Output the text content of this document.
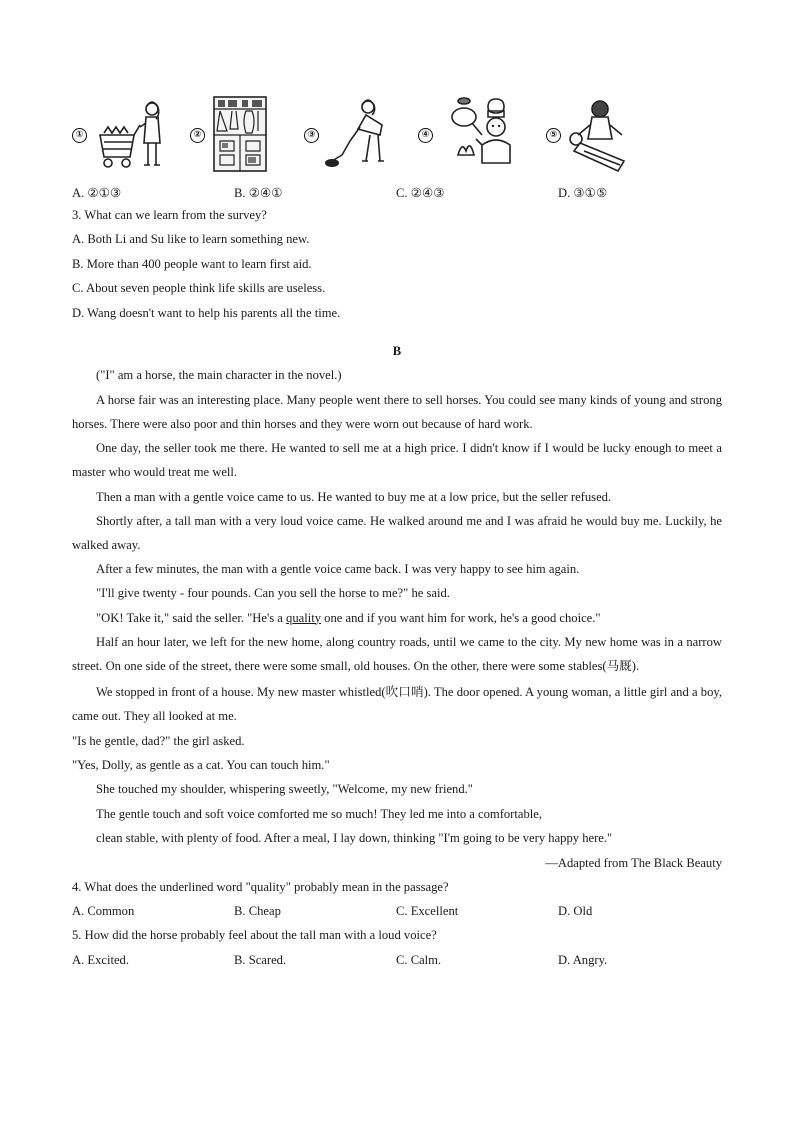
①	②	③	④	⑤
A. ②①③	B. ②④①	C. ②④③	D. ③①⑤
3. What can we learn from the survey?
A. Both Li and Su like to learn something new.
B. More than 400 people want to learn first aid.
C. About seven people think life skills are useless.
D. Wang doesn't want to help his parents all the time.
B
("I" am a horse, the main character in the novel.)
A horse fair was an interesting place. Many people went there to sell horses. You could see many kinds of young and strong horses. There were also poor and thin horses and they were worn out because of hard work.
One day, the seller took me there. He wanted to sell me at a high price. I didn't know if I would be lucky enough to meet a master who would treat me well.
Then a man with a gentle voice came to us. He wanted to buy me at a low price, but the seller refused.
Shortly after, a tall man with a very loud voice came. He walked around me and I was afraid he would buy me. Luckily, he walked away.
After a few minutes, the man with a gentle voice came back. I was very happy to see him again.
"I'll give twenty - four pounds. Can you sell the horse to me?" he said.
"OK! Take it," said the seller. "He's a quality one and if you want him for work, he's a good choice."
Half an hour later, we left for the new home, along country roads, until we came to the city. My new home was in a narrow street. On one side of the street, there were some small, old houses. On the other, there were some stables(马厩).
We stopped in front of a house. My new master whistled(吹口哨). The door opened. A young woman, a little girl and a boy, came out. They all looked at me.
"Is he gentle, dad?" the girl asked.
"Yes, Dolly, as gentle as a cat. You can touch him."
She touched my shoulder, whispering sweetly, "Welcome, my new friend."
The gentle touch and soft voice comforted me so much! They led me into a comfortable,
clean stable, with plenty of food. After a meal, I lay down, thinking "I'm going to be very happy here."
—Adapted from The Black Beauty
4. What does the underlined word "quality" probably mean in the passage?
A. Common	B. Cheap	C. Excellent	D. Old
5. How did the horse probably feel about the tall man with a loud voice?
A. Excited.	B. Scared.	C. Calm.	D. Angry.
